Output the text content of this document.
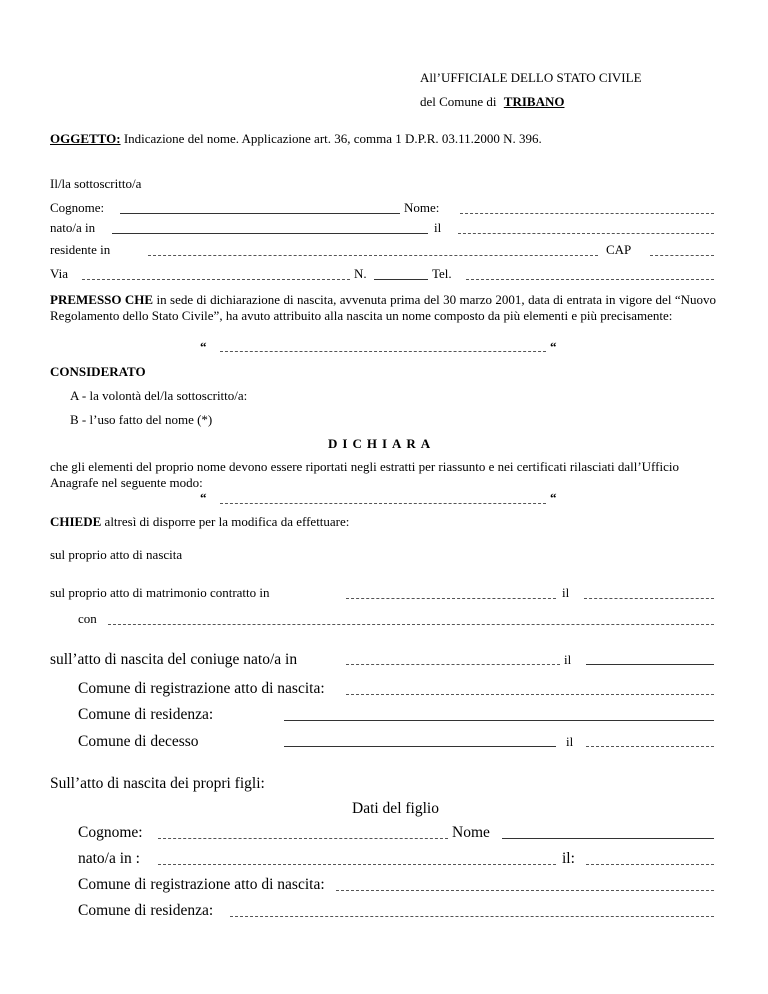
All’UFFICIALE DELLO STATO CIVILE
del Comune di TRIBANO
OGGETTO: Indicazione del nome. Applicazione art. 36, comma 1 D.P.R. 03.11.2000 N. 396.
Il/la sottoscritto/a
Cognome:	Nome:
nato/a in	il
residente in	CAP
Via	N.	Tel.
PREMESSO CHE in sede di dichiarazione di nascita, avvenuta prima del 30 marzo 2001, data di entrata in vigore del “Nuovo Regolamento dello Stato Civile”, ha avuto attribuito alla nascita un nome composto da più elementi e più precisamente:
“	“
CONSIDERATO
A - la volontà del/la sottoscritto/a:
B - l’uso fatto del nome (*)
DICHIARA
che gli elementi del proprio nome devono essere riportati negli estratti per riassunto e nei certificati rilasciati dall’Ufficio Anagrafe nel seguente modo:
“	“
CHIEDE altresì di disporre per la modifica da effettuare:
sul proprio atto di nascita
sul proprio atto di matrimonio contratto in	il
con
sull’atto di nascita del coniuge nato/a in	il
Comune di registrazione atto di nascita:
Comune di residenza:
Comune di decesso	il
Sull’atto di nascita dei propri figli:
Dati del figlio
Cognome:	Nome
nato/a in :	il:
Comune di registrazione atto di nascita:
Comune di residenza:
